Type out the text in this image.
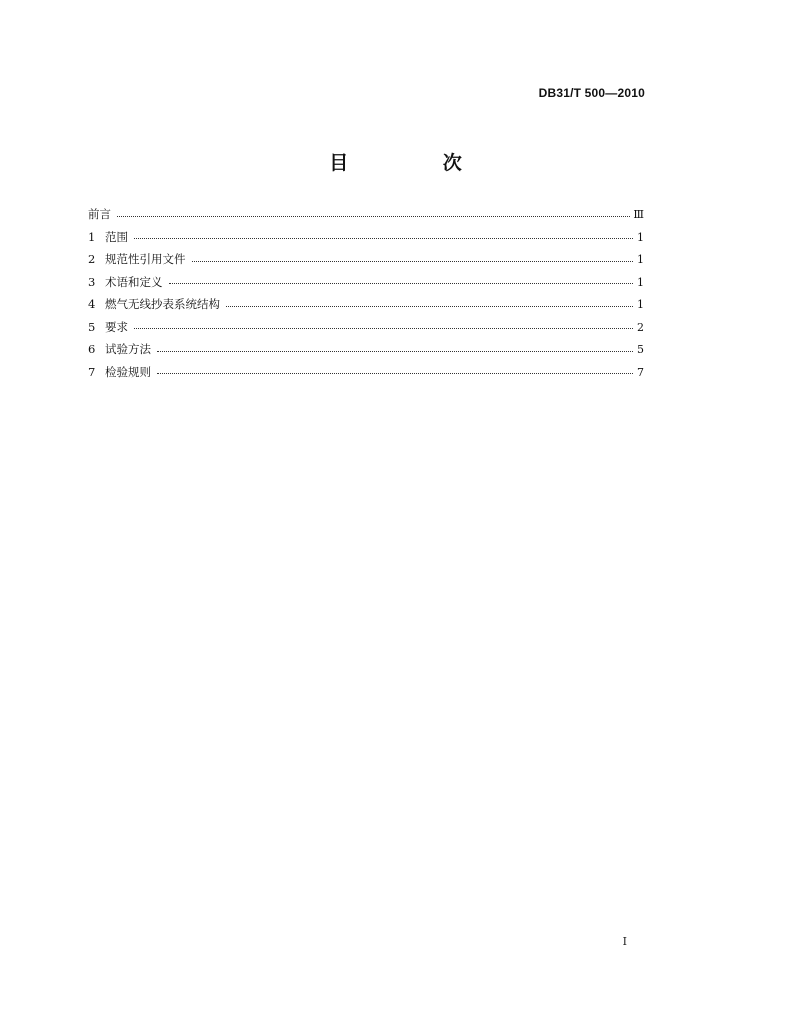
DB31/T 500—2010
目 次
前言	Ⅲ
1 范围	1
2 规范性引用文件	1
3 术语和定义	1
4 燃气无线抄表系统结构	1
5 要求	2
6 试验方法	5
7 检验规则	7
I
